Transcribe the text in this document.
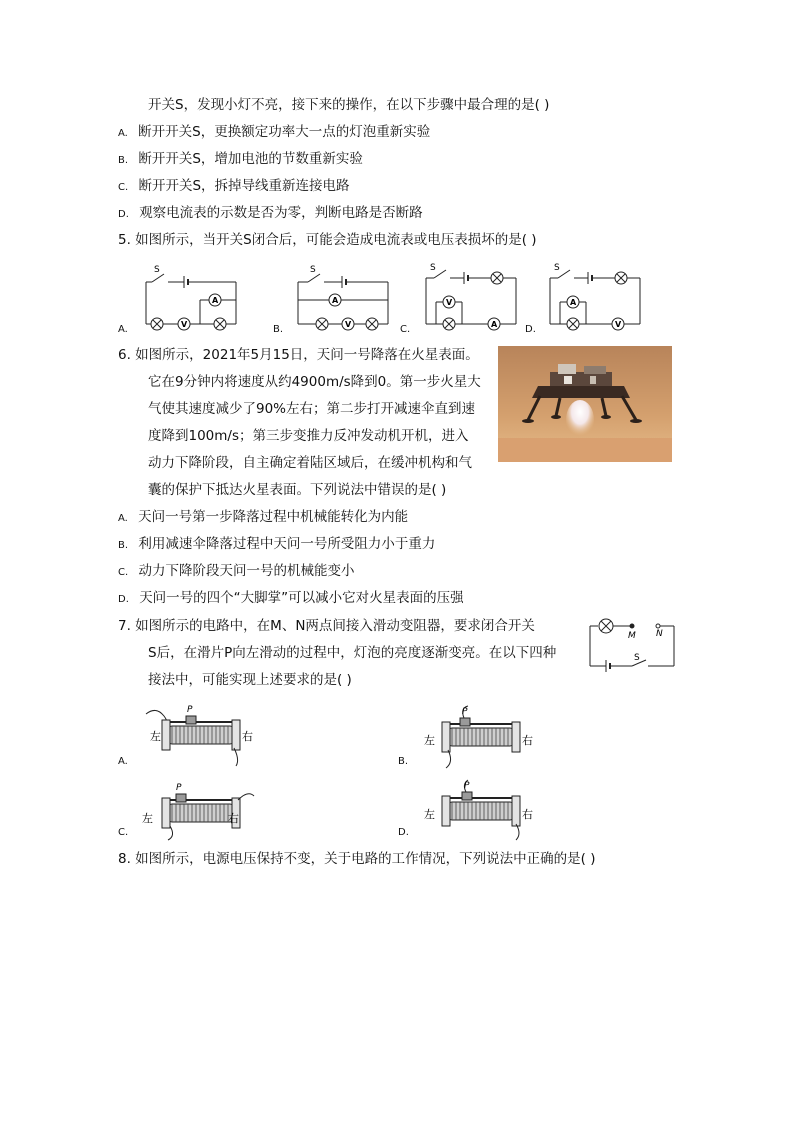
开关S，发现小灯不亮，接下来的操作，在以下步骤中最合理的是( )
A. 断开开关S，更换额定功率大一点的灯泡重新实验
B. 断开开关S，增加电池的节数重新实验
C. 断开开关S，拆掉导线重新连接电路
D. 观察电流表的示数是否为零，判断电路是否断路
5. 如图所示，当开关S闭合后，可能会造成电流表或电压表损坏的是( )
S
A
V
A.
S
A
V
B.
S
V
A
C.
S
A
V
D.
6. 如图所示，2021年5月15日，天问一号降落在火星表面。
它在9分钟内将速度从约4900m/s降到0。第一步火星大
气使其速度减少了90%左右；第二步打开减速伞直到速
度降到100m/s；第三步变推力反冲发动机开机，进入
动力下降阶段，自主确定着陆区域后，在缓冲机构和气
囊的保护下抵达火星表面。下列说法中错误的是( )
A. 天问一号第一步降落过程中机械能转化为内能
B. 利用减速伞降落过程中天问一号所受阻力小于重力
C. 动力下降阶段天问一号的机械能变小
D. 天问一号的四个“大脚掌”可以减小它对火星表面的压强
7. 如图所示的电路中，在M、N两点间接入滑动变阻器，要求闭合开关
S后，在滑片P向左滑动的过程中，灯泡的亮度逐渐变亮。在以下四种
接法中，可能实现上述要求的是( )
M N
S
P
左	右
A.
P
左	右
B.
P
左	右
C.
P
左	右
D.
8. 如图所示，电源电压保持不变，关于电路的工作情况，下列说法中正确的是( )
